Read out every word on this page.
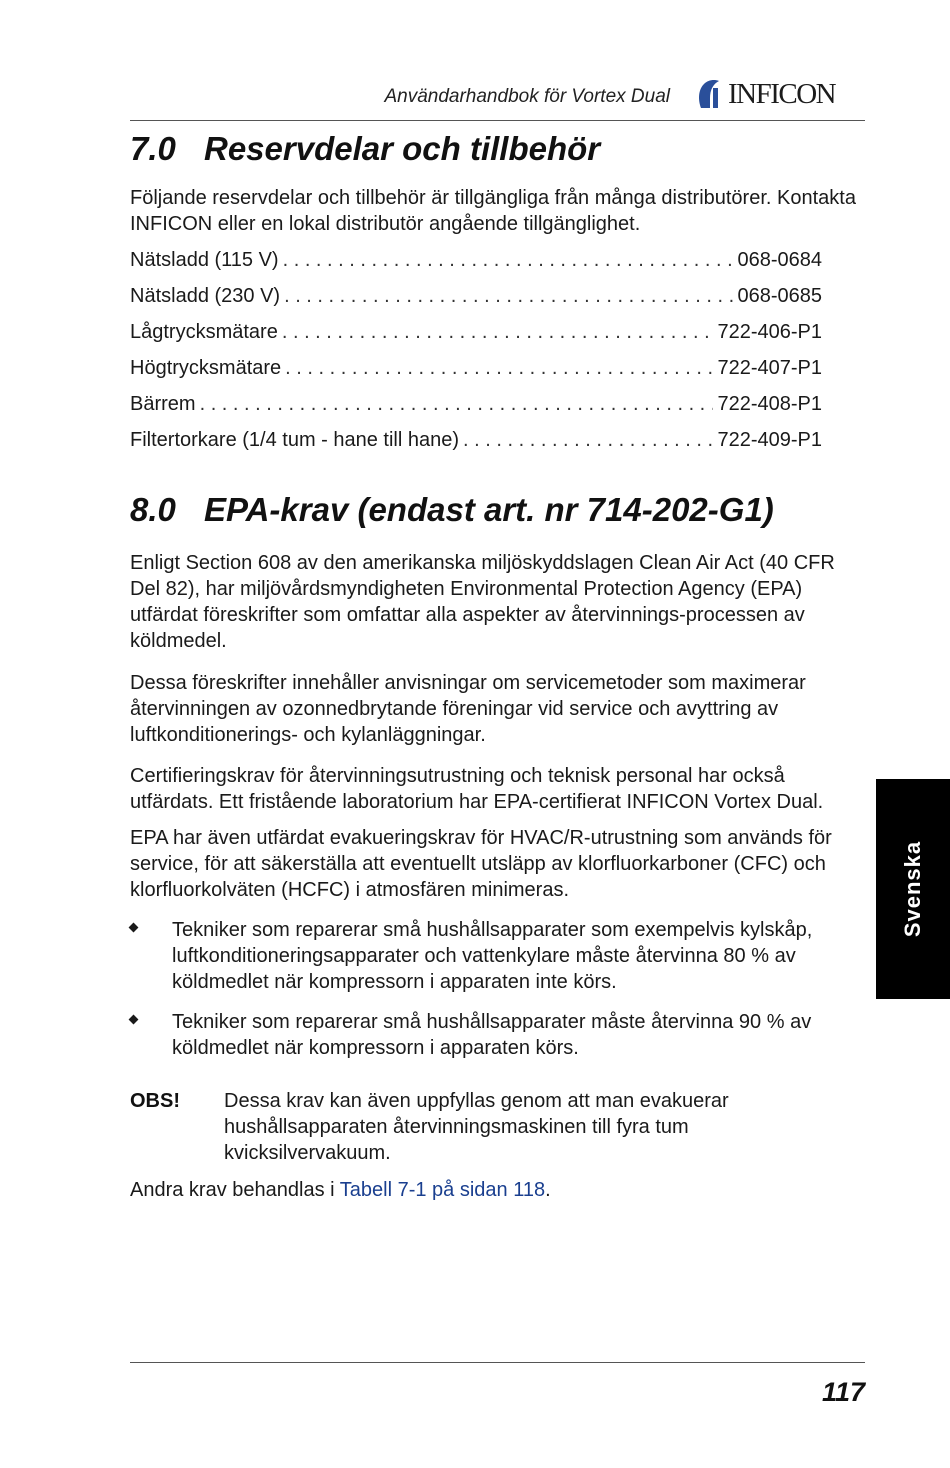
Användarhandbok för Vortex Dual INFICON
7.0 Reservdelar och tillbehör
Följande reservdelar och tillbehör är tillgängliga från många distributörer. Kontakta INFICON eller en lokal distributör angående tillgänglighet.
Nätsladd (115 V) . . .	068-0684
Nätsladd (230 V) . . .	068-0685
Lågtrycksmätare . . .	722-406-P1
Högtrycksmätare . . .	722-407-P1
Bärrem . . .	722-408-P1
Filtertorkare (1/4 tum - hane till hane) . . .	722-409-P1
8.0 EPA-krav (endast art. nr 714-202-G1)
Enligt Section 608 av den amerikanska miljöskyddslagen Clean Air Act (40 CFR Del 82), har miljövårdsmyndigheten Environmental Protection Agency (EPA) utfärdat föreskrifter som omfattar alla aspekter av återvinnings-processen av köldmedel.
Dessa föreskrifter innehåller anvisningar om servicemetoder som maximerar återvinningen av ozonnedbrytande föreningar vid service och avyttring av luftkonditionerings- och kylanläggningar.
Certifieringskrav för återvinningsutrustning och teknisk personal har också utfärdats. Ett fristående laboratorium har EPA-certifierat INFICON Vortex Dual.
EPA har även utfärdat evakueringskrav för HVAC/R-utrustning som används för service, för att säkerställa att eventuellt utsläpp av klorfluorkarboner (CFC) och klorfluorkolväten (HCFC) i atmosfären minimeras.
Tekniker som reparerar små hushållsapparater som exempelvis kylskåp, luftkonditioneringsapparater och vattenkylare måste återvinna 80 % av köldmedlet när kompressorn i apparaten inte körs.
Tekniker som reparerar små hushållsapparater måste återvinna 90 % av köldmedlet när kompressorn i apparaten körs.
OBS! Dessa krav kan även uppfyllas genom att man evakuerar hushållsapparaten återvinningsmaskinen till fyra tum kvicksilvervakuum.
Andra krav behandlas i Tabell 7-1 på sidan 118.
Svenska
117
